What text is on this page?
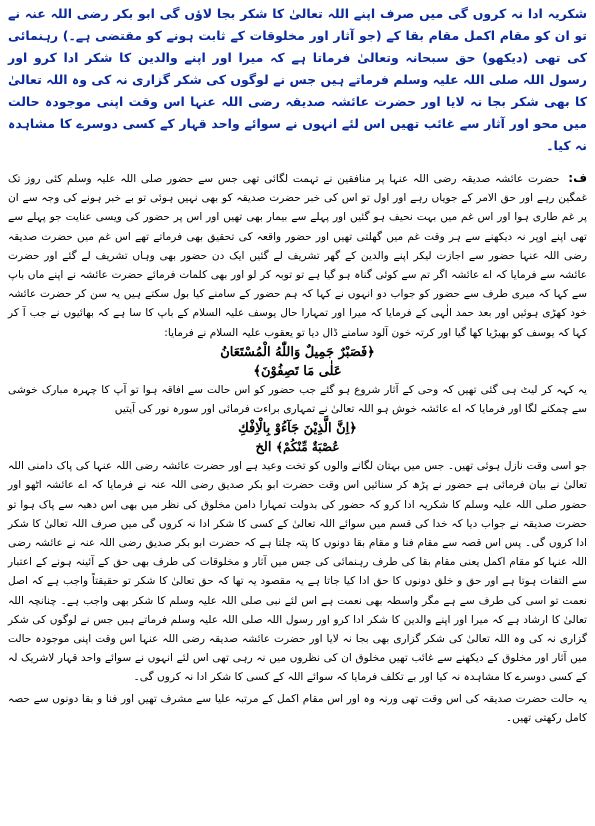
شکریہ ادا نہ کروں گی میں صرف اپنے اللہ تعالیٰ کا شکر بجا لاؤں گی ابو بکر رضی اللہ عنہ نے تو ان کو مقام اکمل مقام بقا کے (جو آثار اور مخلوقات کے ثابت ہونے کو مقتضی ہے۔) رہنمائی کی تھی (دیکھو) حق سبحانہ وتعالیٰ فرماتا ہے کہ میرا اور اپنے والدین کا شکر ادا کرو اور رسول اللہ صلی اللہ علیہ وسلم فرماتے ہیں جس نے لوگوں کی شکر گزاری نہ کی وہ اللہ تعالیٰ کا بھی شکر بجا نہ لایا اور حضرت عائشہ صدیقہ رضی اللہ عنہا اس وقت اپنی موجودہ حالت میں محو اور آثار سے غائب تھیں اس لئے انہوں نے سوائے واحد قہار کے کسی دوسرے کا مشاہدہ نہ کیا۔

ف: حضرت عائشہ صدیقہ رضی اللہ عنہا پر منافقین نے تہمت لگائی تھی جس سے حضور صلی اللہ علیہ وسلم کئی روز تک غمگین رہے اور حق الامر کے جویاں رہے اور اول تو اس کی خبر حضرت صدیقہ کو بھی نہیں ہوئی تو بے خبر ہونے کی وجہ سے ان پر غم طاری ہوا اور اس غم میں بہت نحیف ہو گئیں اور پہلے سے بیمار بھی تھیں اور اس پر حضور کی ویسی عنایت جو پہلے سے تھی اپنے اوپر نہ دیکھنے سے ہر وقت غم میں گھلتی تھیں اور حضور واقعہ کی تحقیق بھی فرماتے تھے اس غم میں حضرت صدیقہ رضی اللہ عنہا حضور سے اجازت لیکر اپنے والدین کے گھر تشریف لے گئیں ایک دن حضور بھی وہاں تشریف لے گئے اور حضرت عائشہ سے فرمایا کہ اے عائشہ اگر تم سے کوئی گناہ ہو گیا ہے تو توبہ کر لو اور بھی کلمات فرمائے حضرت عائشہ نے اپنے ماں باپ سے کہا کہ میری طرف سے حضور کو جواب دو انہوں نے کہا کہ ہم حضور کے سامنے کیا بول سکتے ہیں یہ سن کر حضرت عائشہ خود کھڑی ہوئیں اور بعد حمد الٰہی کے فرمایا کہ میرا اور تمہارا حال یوسف علیہ السلام کے باپ کا سا ہے کہ بھائیوں نے جب آ کر کہا کہ یوسف کو بھیڑیا کھا گیا اور کرتہ خون آلود سامنے ڈال دیا تو یعقوب علیہ السلام نے فرمایا:

﴿فَصَبْرٌ جَمِيلٌ وَاللّٰهُ الْمُسْتَعَانُ
عَلٰى مَا تَصِفُوْنَ﴾

یہ کہہ کر لیٹ ہی گئی تھیں کہ وحی کے آثار شروع ہو گئے جب حضور کو اس حالت سے افاقہ ہوا تو آپ کا چہرہ مبارک خوشی سے چمکنے لگا اور فرمایا کہ اے عائشہ خوش ہو اللہ تعالیٰ نے تمہاری براءت فرمائی اور سورہ نور کی آیتیں

﴿اِنَّ الَّذِيْنَ جَآءُوْ بِالْاِفْكِ
عُصْبَةٌ مِّنْكُمْ﴾ الخ

جو اسی وقت نازل ہوئی تھیں۔ جس میں بہتان لگانے والوں کو تخت وعید ہے اور حضرت عائشہ رضی اللہ عنہا کی پاک دامنی اللہ تعالیٰ نے بیان فرمائی ہے حضور نے پڑھ کر سنائیں اس وقت حضرت ابو بکر صدیق رضی اللہ عنہ نے فرمایا کہ اے عائشہ اٹھو اور حضور صلی اللہ علیہ وسلم کا شکریہ ادا کرو کہ حضور کی بدولت تمہارا دامن مخلوق کی نظر میں بھی اس دھبہ سے پاک ہوا تو حضرت صدیقہ نے جواب دیا کہ خدا کی قسم میں سوائے اللہ تعالیٰ کے کسی کا شکر ادا نہ کروں گی میں صرف اللہ تعالیٰ کا شکر ادا کروں گی۔ پس اس قصہ سے مقام فنا و مقام بقا دونوں کا پتہ چلتا ہے کہ حضرت ابو بکر صدیق رضی اللہ عنہ نے عائشہ رضی اللہ عنہا کو مقام اکمل یعنی مقام بقا کی طرف رہنمائی کی جس میں آثار و مخلوقات کی طرف بھی حق کے آئینہ ہونے کے اعتبار سے التفات ہوتا ہے اور حق و خلق دونوں کا حق ادا کیا جاتا ہے یہ مقصود یہ تھا کہ حق تعالیٰ کا شکر تو حقیقتاً واجب ہے کہ اصل نعمت تو اسی کی طرف سے ہے مگر واسطہ بھی نعمت ہے اس لئے نبی صلی اللہ علیہ وسلم کا شکر بھی واجب ہے۔ چنانچہ اللہ تعالیٰ کا ارشاد ہے کہ میرا اور اپنے والدین کا شکر ادا کرو اور رسول اللہ صلی اللہ علیہ وسلم فرماتے ہیں جس نے لوگوں کی شکر گزاری نہ کی وہ اللہ تعالیٰ کی شکر گزاری بھی بجا نہ لایا اور حضرت عائشہ صدیقہ رضی اللہ عنہا اس وقت اپنی موجودہ حالت میں آثار اور مخلوق کے دیکھنے سے غائب تھیں مخلوق ان کی نظروں میں نہ رہی تھی اس لئے انہوں نے سوائے واحد قہار لاشریک لہ کے کسی دوسرے کا مشاہدہ نہ کیا اور بے تکلف فرمایا کہ سوائے اللہ کے کسی کا شکر ادا نہ کروں گی۔

یہ حالت حضرت صدیقہ کی اس وقت تھی ورنہ وہ اور اس مقام اکمل کے مرتبہ علیا سے مشرف تھیں اور فنا و بقا دونوں سے حصہ کامل رکھتی تھیں۔
